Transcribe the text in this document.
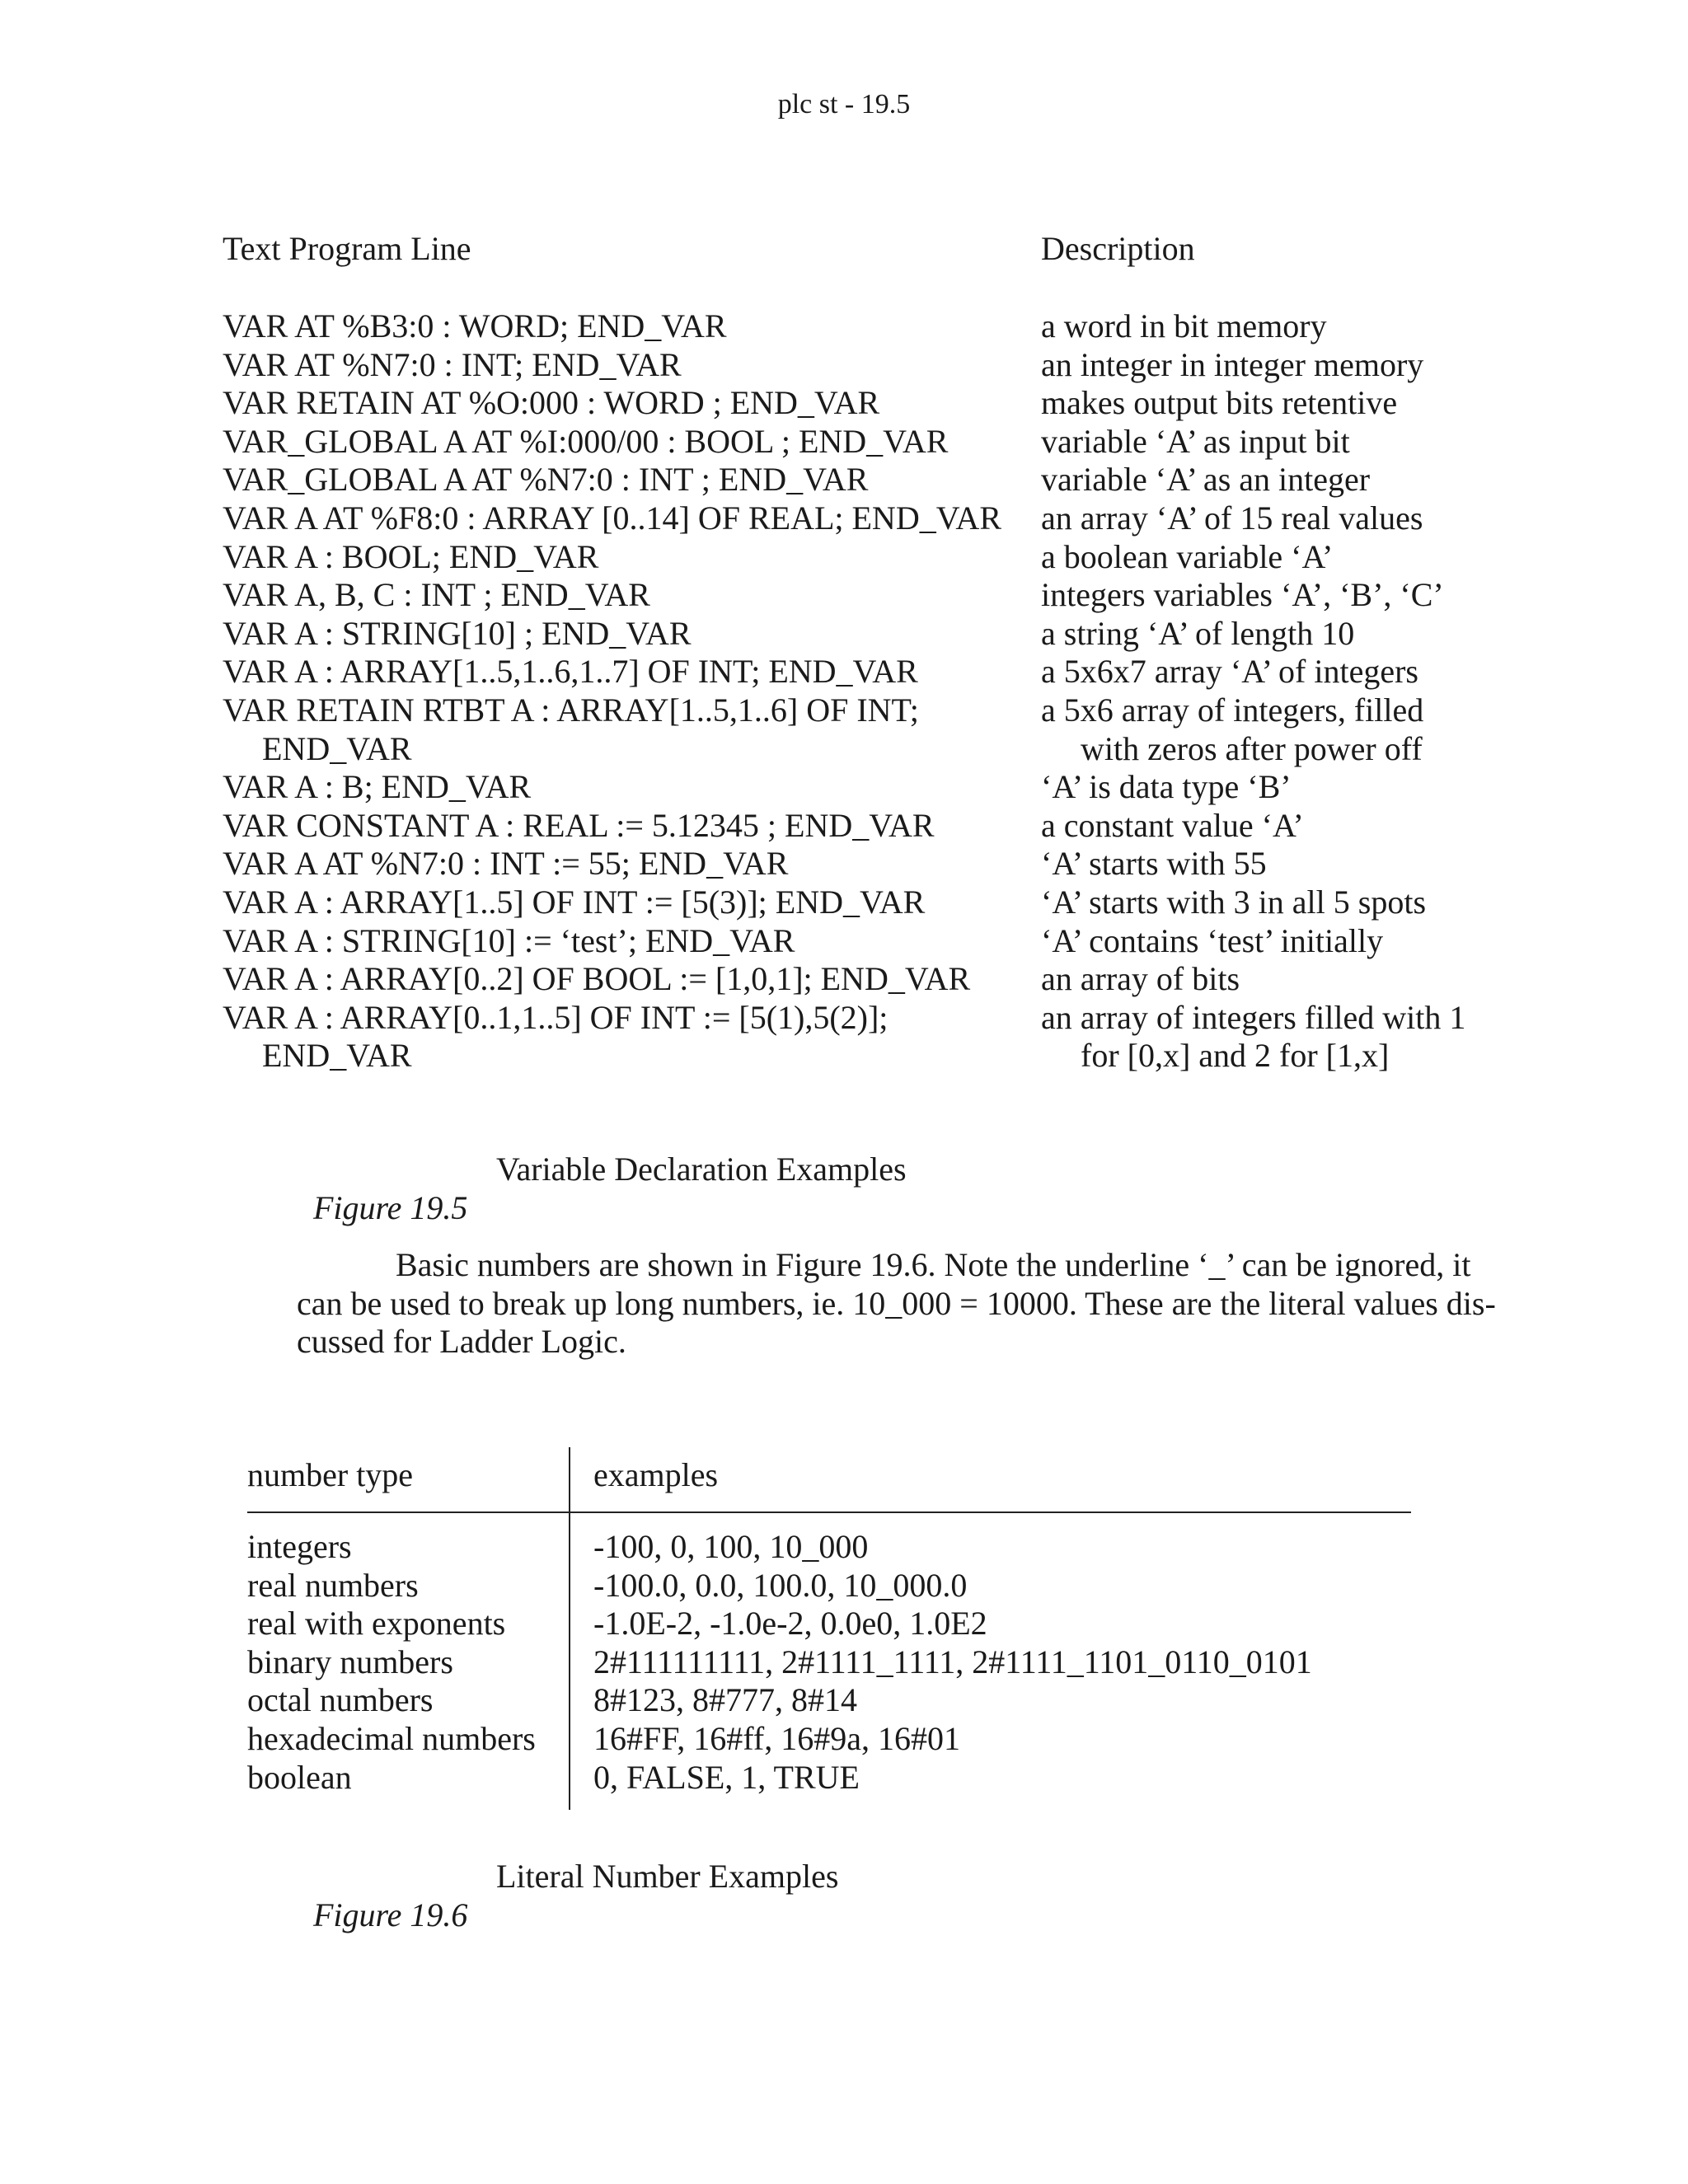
plc st - 19.5
Text Program Line	Description
VAR AT %B3:0 : WORD; END_VAR	a word in bit memory
VAR AT %N7:0 : INT; END_VAR	an integer in integer memory
VAR RETAIN AT %O:000 : WORD ; END_VAR	makes output bits retentive
VAR_GLOBAL A AT %I:000/00 : BOOL ; END_VAR	variable ‘A’ as input bit
VAR_GLOBAL A AT %N7:0 : INT ; END_VAR	variable ‘A’ as an integer
VAR A AT %F8:0 : ARRAY [0..14] OF REAL; END_VAR an array ‘A’ of 15 real values
VAR A : BOOL; END_VAR	a boolean variable ‘A’
VAR A, B, C : INT ; END_VAR	integers variables ‘A’, ‘B’, ‘C’
VAR A : STRING[10] ; END_VAR	a string ‘A’ of length 10
VAR A : ARRAY[1..5,1..6,1..7] OF INT; END_VAR	a 5x6x7 array ‘A’ of integers
VAR RETAIN RTBT A : ARRAY[1..5,1..6] OF INT;	a 5x6 array of integers, filled
END_VAR	with zeros after power off
VAR A : B; END_VAR	‘A’ is data type ‘B’
VAR CONSTANT A : REAL := 5.12345 ; END_VAR	a constant value ‘A’
VAR A AT %N7:0 : INT := 55; END_VAR	‘A’ starts with 55
VAR A : ARRAY[1..5] OF INT := [5(3)]; END_VAR	‘A’ starts with 3 in all 5 spots
VAR A : STRING[10] := ‘test’; END_VAR	‘A’ contains ‘test’ initially
VAR A : ARRAY[0..2] OF BOOL := [1,0,1]; END_VAR an array of bits
VAR A : ARRAY[0..1,1..5] OF INT := [5(1),5(2)];	an array of integers filled with 1
END_VAR	for [0,x] and 2 for [1,x]

Figure 19.5
Variable Declaration Examples

Basic numbers are shown in Figure 19.6. Note the underline ‘_’ can be ignored, it
can be used to break up long numbers, ie. 10_000 = 10000. These are the literal values dis-
cussed for Ladder Logic.
number type	examples
integers	-100, 0, 100, 10_000
real numbers	-100.0, 0.0, 100.0, 10_000.0
real with exponents	-1.0E-2, -1.0e-2, 0.0e0, 1.0E2
binary numbers	2#111111111, 2#1111_1111, 2#1111_1101_0110_0101
octal numbers	8#123, 8#777, 8#14
hexadecimal numbers 16#FF, 16#ff, 16#9a, 16#01
boolean	0, FALSE, 1, TRUE

Figure 19.6
Literal Number Examples
